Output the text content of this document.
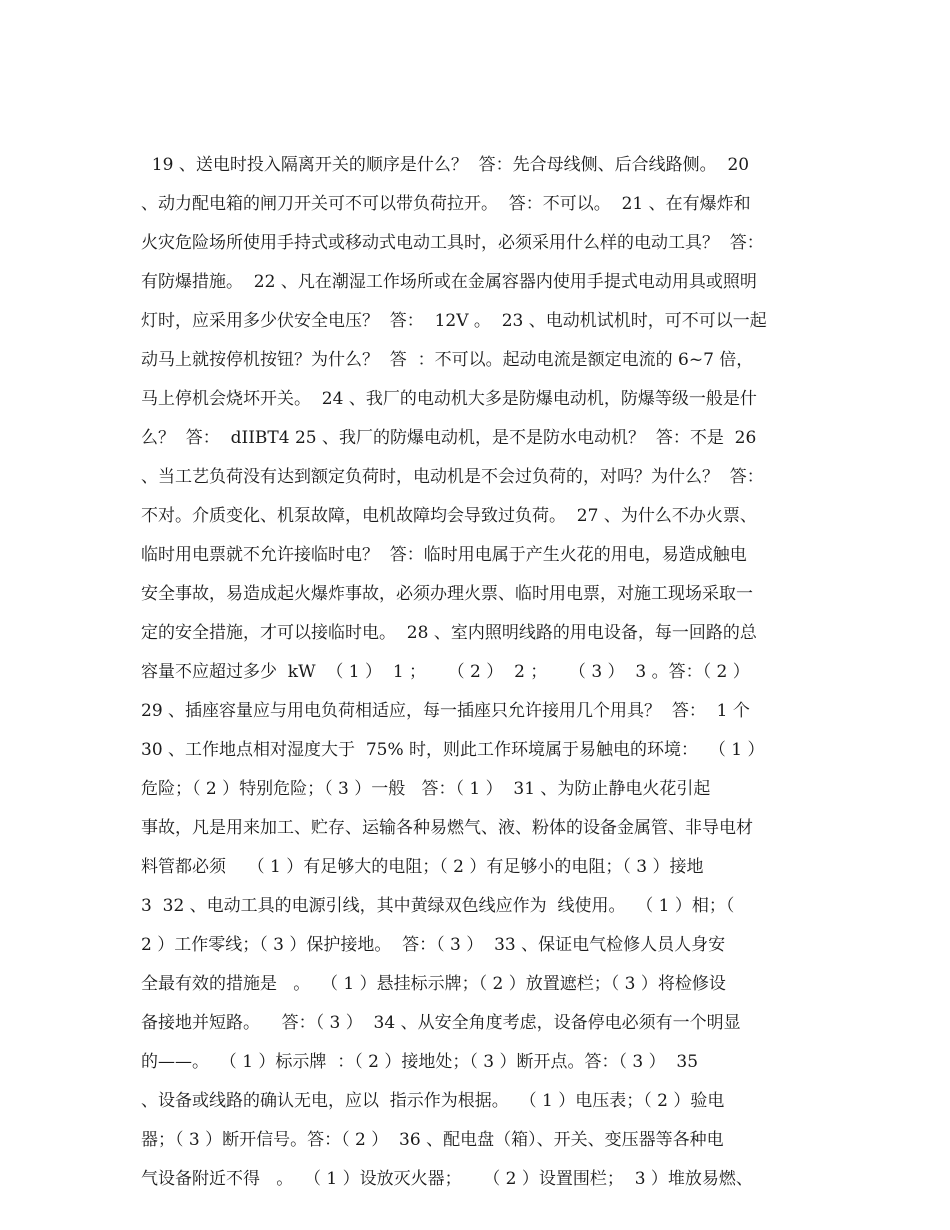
19 、送电时投入隔离开关的顺序是什么？  答：先合母线侧、后合线路侧。  20
、动力配电箱的闸刀开关可不可以带负荷拉开。  答：不可以。  21 、在有爆炸和
火灾危险场所使用手持式或移动式电动工具时，必须采用什么样的电动工具？  答：
有防爆措施。  22 、凡在潮湿工作场所或在金属容器内使用手提式电动用具或照明
灯时，应采用多少伏安全电压？  答：  12V 。  23 、电动机试机时，可不可以一起
动马上就按停机按钮？为什么？  答  ：不可以。起动电流是额定电流的 6~7 倍，
马上停机会烧坏开关。  24 、我厂的电动机大多是防爆电动机，防爆等级一般是什
么？  答：  dIIBT4 25 、我厂的防爆电动机，是不是防水电动机？  答：不是  26
、当工艺负荷没有达到额定负荷时，电动机是不会过负荷的，对吗？为什么？  答：
不对。介质变化、机泵故障，电机故障均会导致过负荷。  27 、为什么不办火票、
临时用电票就不允许接临时电？  答：临时用电属于产生火花的用电，易造成触电
安全事故，易造成起火爆炸事故，必须办理火票、临时用电票，对施工现场采取一
定的安全措施，才可以接临时电。  28 、室内照明线路的用电设备，每一回路的总
容量不应超过多少  kW  （ 1 ）  1 ；    （ 2 ）  2 ；    （ 3 ）  3 。答：（ 2 ）
29 、插座容量应与用电负荷相适应，每一插座只允许接用几个用具？  答：  1 个
30 、工作地点相对湿度大于  75% 时，则此工作环境属于易触电的环境：  （ 1 ）
危险；（ 2 ）特别危险；（ 3 ）一般   答：（ 1 ）  31 、为防止静电火花引起
事故，凡是用来加工、贮存、运输各种易燃气、液、粉体的设备金属管、非导电材
料管都必须    （ 1 ）有足够大的电阻；（ 2 ）有足够小的电阻；（ 3 ）接地
3  32 、电动工具的电源引线，其中黄绿双色线应作为  线使用。  （ 1 ）相；（
2 ）工作零线；（ 3 ）保护接地。  答：（ 3 ）  33 、保证电气检修人员人身安
全最有效的措施是   。  （ 1 ）悬挂标示牌；（ 2 ）放置遮栏；（ 3 ）将检修设
备接地并短路。    答：（ 3 ）  34 、从安全角度考虑，设备停电必须有一个明显
的——。  （ 1 ）标示牌  ：（ 2 ）接地处；（ 3 ）断开点。答：（ 3 ）  35
、设备或线路的确认无电，应以  指示作为根据。  （ 1 ）电压表；（ 2 ）验电
器；（ 3 ）断开信号。答：（ 2 ）  36 、配电盘（箱）、开关、变压器等各种电
气设备附近不得   。  （ 1 ）设放灭火器；    （ 2 ）设置围栏；  3 ）堆放易燃、
